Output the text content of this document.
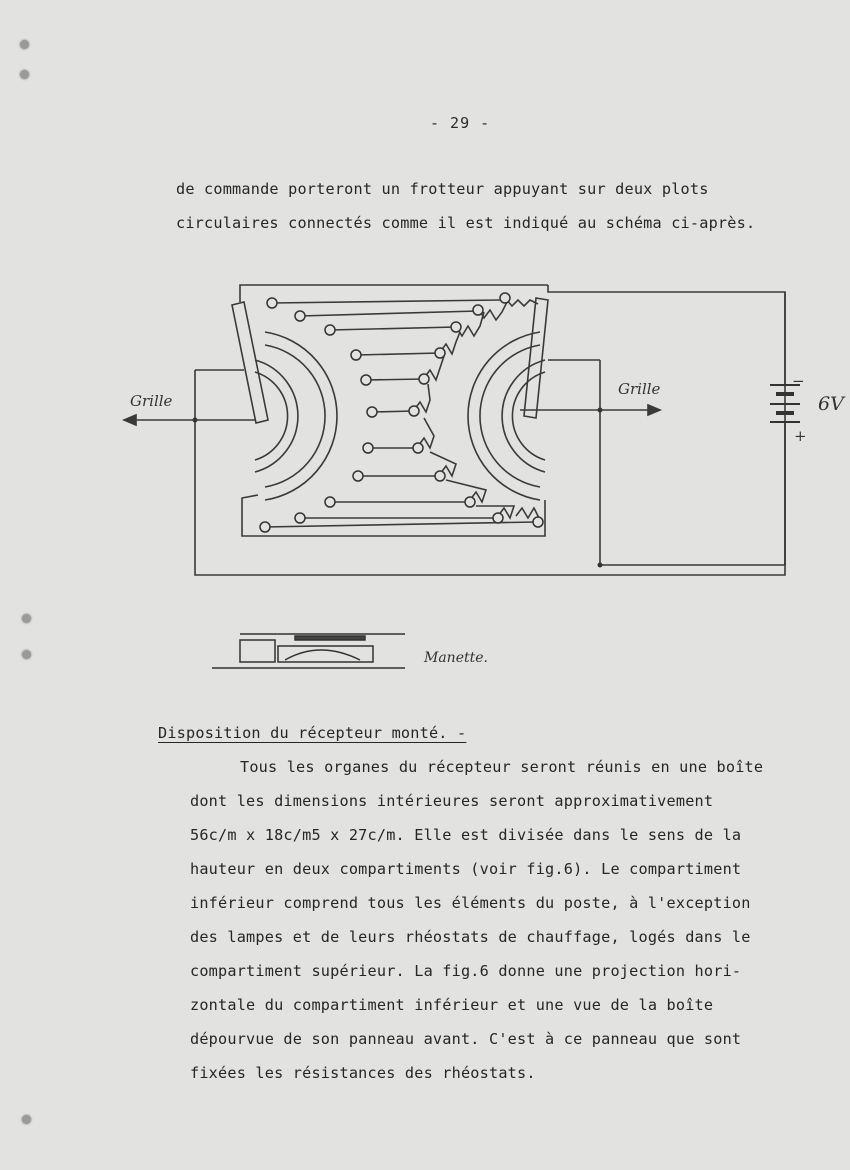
- 29 -
de commande porteront un frotteur appuyant sur deux plots
circulaires connectés comme il est indiqué au schéma ci-après.
Grille
Grille	−
+
6V
Manette.
Disposition du récepteur monté. -
Tous les organes du récepteur seront réunis en une boîte
dont les dimensions intérieures seront approximativement
56c/m x 18c/m5 x 27c/m. Elle est divisée dans le sens de la
hauteur en deux compartiments (voir fig.6). Le compartiment
inférieur comprend tous les éléments du poste, à l'exception
des lampes et de leurs rhéostats de chauffage, logés dans le
compartiment supérieur. La fig.6 donne une projection hori-
zontale du compartiment inférieur et une vue de la boîte
dépourvue de son panneau avant. C'est à ce panneau que sont
fixées les résistances des rhéostats.
